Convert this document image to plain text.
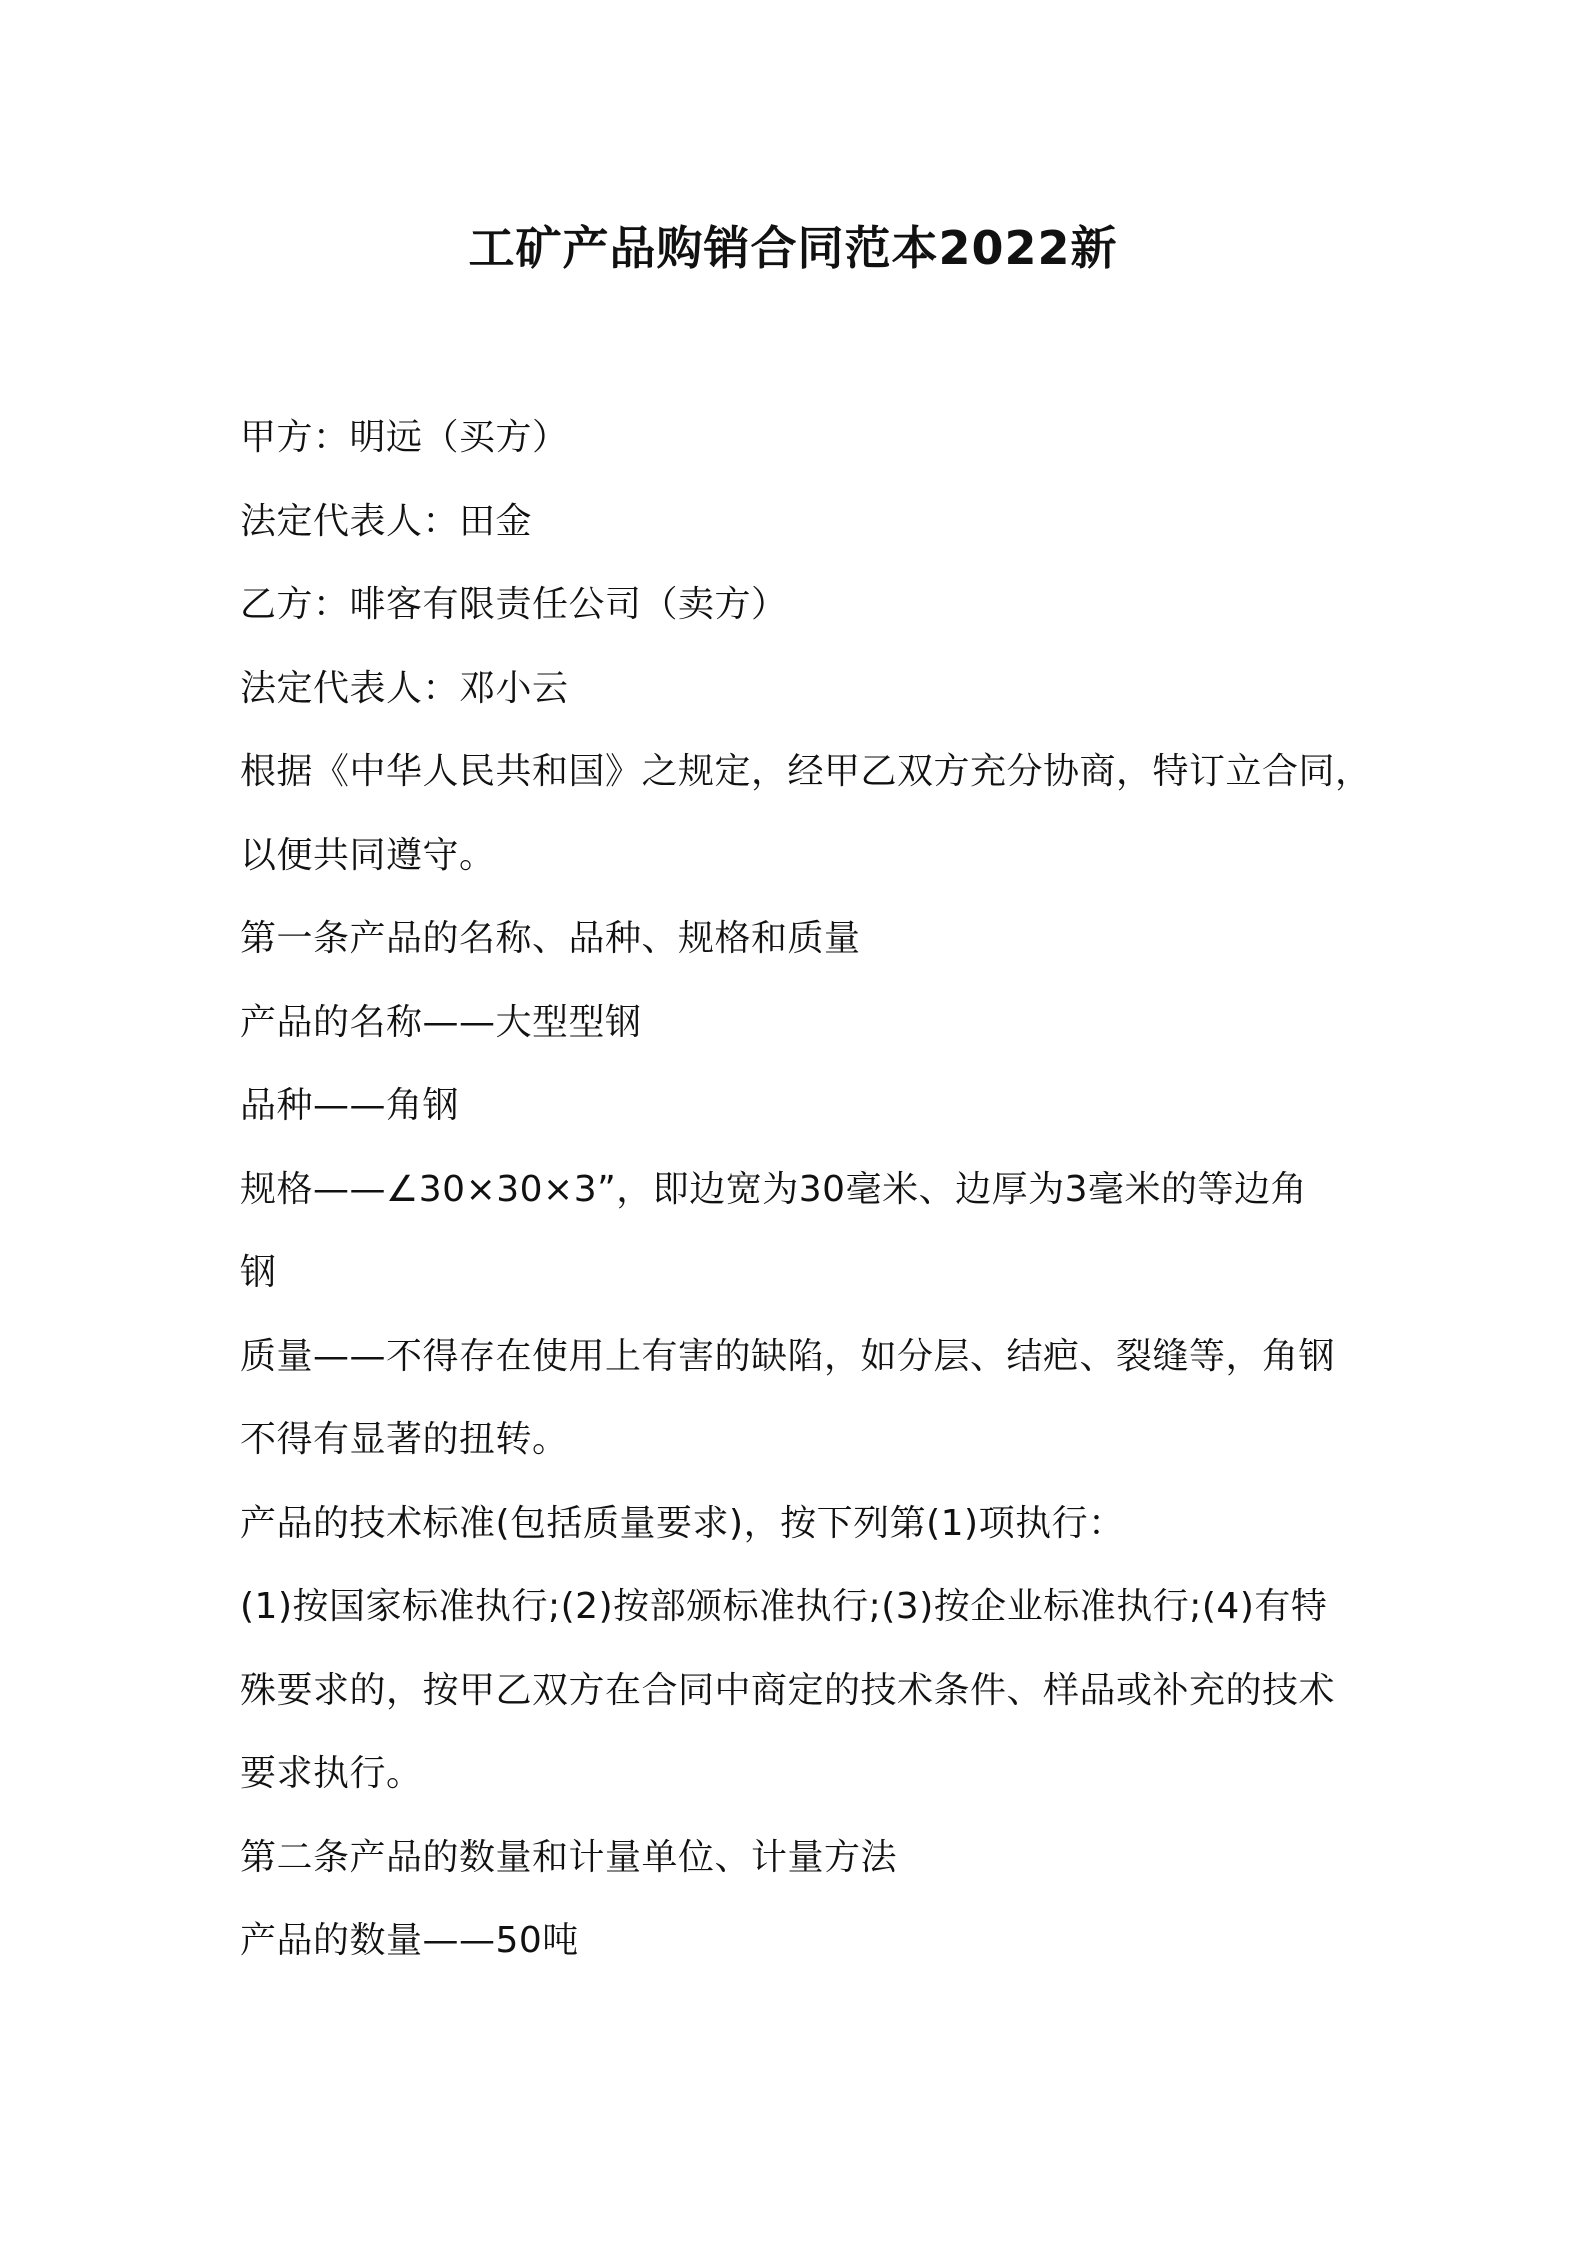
工矿产品购销合同范本2022新

甲方：明远（买方）

法定代表人：田金

乙方：啡客有限责任公司（卖方）

法定代表人：邓小云

根据《中华人民共和国》之规定，经甲乙双方充分协商，特订立合同，

以便共同遵守。

第一条产品的名称、品种、规格和质量

产品的名称——大型型钢

品种——角钢

规格——∠30×30×3”，即边宽为30毫米、边厚为3毫米的等边角

钢

质量——不得存在使用上有害的缺陷，如分层、结疤、裂缝等，角钢

不得有显著的扭转。

产品的技术标准(包括质量要求)，按下列第(1)项执行：

(1)按国家标准执行;(2)按部颁标准执行;(3)按企业标准执行;(4)有特

殊要求的，按甲乙双方在合同中商定的技术条件、样品或补充的技术

要求执行。

第二条产品的数量和计量单位、计量方法

产品的数量——50吨
